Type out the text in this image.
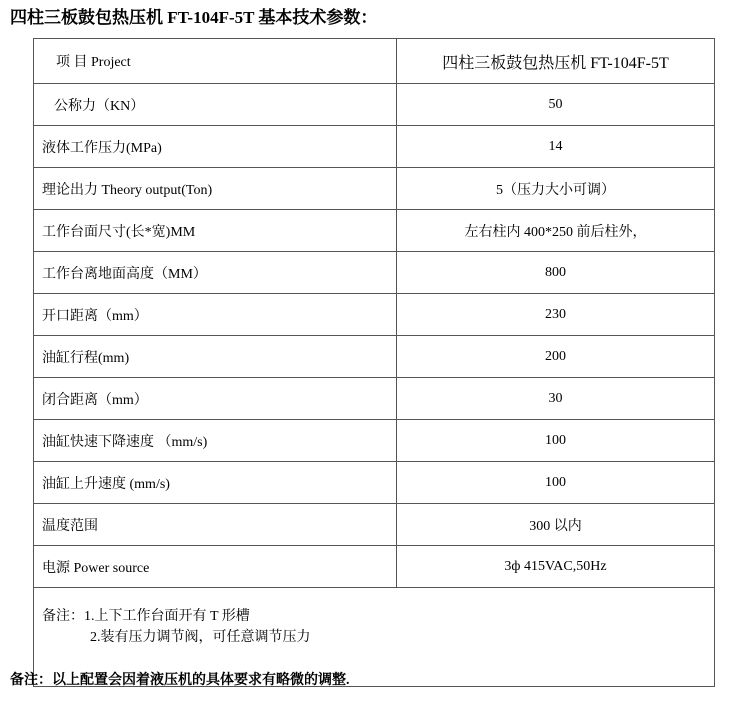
四柱三板鼓包热压机 FT-104F-5T 基本技术参数：
项 目 Project	四柱三板鼓包热压机 FT-104F-5T
公称力（KN）	50
液体工作压力(MPa)	14
理论出力 Theory output(Ton)	5（压力大小可调）
工作台面尺寸(长*宽)MM	左右柱内 400*250 前后柱外，
工作台离地面高度（MM）	800
开口距离（mm）	230
油缸行程(mm)	200
闭合距离（mm）	30
油缸快速下降速度 （mm/s)	100
油缸上升速度 (mm/s)	100
温度范围	300 以内
电源 Power source	3ф 415VAC,50Hz

备注：1.上下工作台面开有 T 形槽
2.装有压力调节阀，可任意调节压力	
备注：以上配置会因着液压机的具体要求有略微的调整.
